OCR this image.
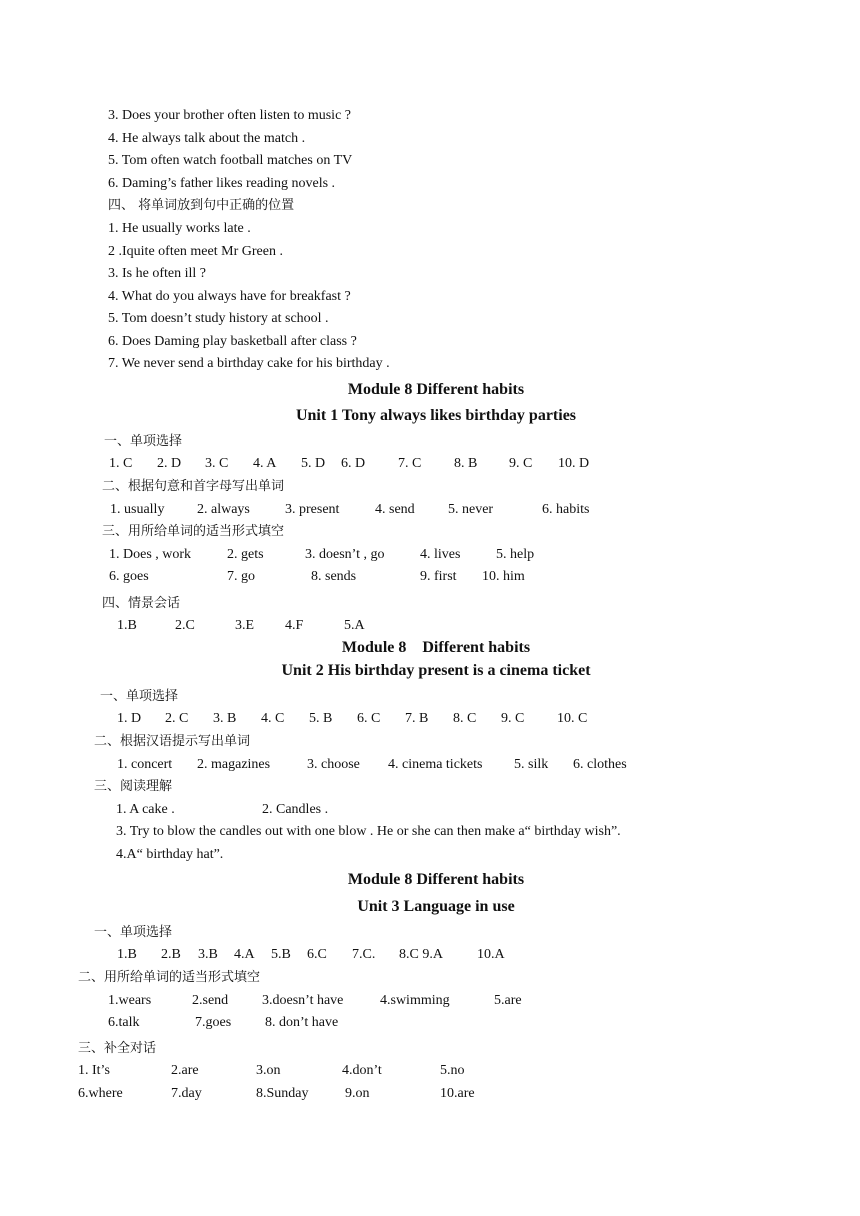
3. Does your brother often listen to music ?
4. He always talk about the match .
5. Tom often watch football matches on TV
6. Daming’s father likes reading novels .
四、 将单词放到句中正确的位置
1. He usually works late .
2 .Iquite often meet Mr Green .
3. Is he often ill ?
4. What do you always have for breakfast ?
5. Tom doesn’t study history at school .
6. Does Daming play basketball after class ?
7. We never send a birthday cake for his birthday .
Module 8 Different habits
Unit 1 Tony always likes birthday parties
一、单项选择
1. C 2. D 3. C 4. A 5. D 6. D 7. C 8. B 9. C 10. D
二、根据句意和首字母写出单词
1. usually 2. always	3. present	4. send 5. never	6. habits
三、用所给单词的适当形式填空
1. Does , work	2. gets	3. doesn’t , go	4. lives	5. help
6. goes	7. go	8. sends	9. first 10. him
四、情景会话
1.B	2.C	3.E 4.F	5.A
Module 8    Different habits
Unit 2 His birthday present is a cinema ticket
一、单项选择
1. D 2. C 3. B 4. C 5. B 6. C 7. B 8. C 9. C 10. C
二、根据汉语提示写出单词
1. concert 2. magazines	3. choose 4. cinema tickets 5. silk 6. clothes
三、阅读理解
1. A cake .	2. Candles .
3. Try to blow the candles out with one blow . He or she can then make a“ birthday wish”.
4.A“ birthday hat”.
Module 8 Different habits
Unit 3 Language in use
一、单项选择
1.B 2.B 3.B 4.A 5.B 6.C 7.C. 8.C 9.A 10.A
二、用所给单词的适当形式填空
1.wears	2.send 3.doesn’t have	4.swimming	5.are
6.talk	7.goes 8. don’t have
三、补全对话
1. It’s	2.are	3.on	4.don’t	5.no
6.where	7.day	8.Sunday	9.on	10.are
